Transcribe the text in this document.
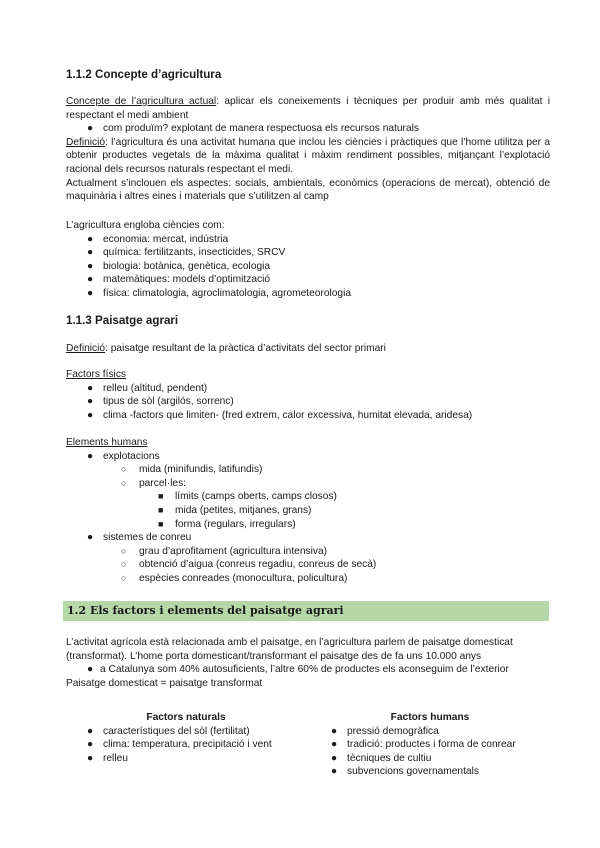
1.1.2 Concepte d’agricultura

Concepte de l’agricultura actual: aplicar els coneixements i tècniques per produir amb més qualitat i respectant el medi ambient

● com produïm? explotant de manera respectuosa els recursos naturals

Definició: l’agricultura és una activitat humana que inclou les ciències i pràctiques que l’home utilitza per a obtenir productes vegetals de la màxima qualitat i màxim rendiment possibles, mitjançant l’explotació racional dels recursos naturals respectant el medi.

Actualment s’inclouen els aspectes: socials, ambientals, econòmics (operacions de mercat), obtenció de maquinària i altres eines i materials que s’utilitzen al camp

L’agricultura engloba ciències com:

● economia: mercat, indústria
● química: fertilitzants, insecticides, SRCV
● biologia: botànica, genètica, ecologia
● matemàtiques: models d’optimització
● física: climatologia, agroclimatologia, agrometeorologia
1.1.3 Paisatge agrari

Definició: paisatge resultant de la pràctica d’activitats del sector primari

Factors físics

● relleu (altitud, pendent)
● tipus de sòl (argilós, sorrenc)
● clima -factors que limiten- (fred extrem, calor excessiva, humitat elevada, aridesa)

Elements humans

● explotacions
○ mida (minifundis, latifundis)
○ parcel·les:
■ límits (camps oberts, camps closos)
■ mida (petites, mitjanes, grans)
■ forma (regulars, irregulars)
● sistemes de conreu
○ grau d’aprofitament (agricultura intensiva)
○ obtenció d’aigua (conreus regadiu, conreus de secà)
○ espècies conreades (monocultura, policultura)
1.2 Els factors i elements del paisatge agrari

L’activitat agrícola està relacionada amb el paisatge, en l’agricultura parlem de paisatge domesticat (transformat). L’home porta domesticant/transformant el paisatge des de fa uns 10.000 anys

● a Catalunya som 40% autosuficients, l’altre 60% de productes els aconseguim de l’exterior

Paisatge domesticat = paisatge transformat

Factors naturals

● característiques del sòl (fertilitat)
● clima: temperatura, precipitació i vent
● relleu

Factors humans

● pressió demogràfica
● tradició: productes i forma de conrear
● tècniques de cultiu
● subvencions governamentals
